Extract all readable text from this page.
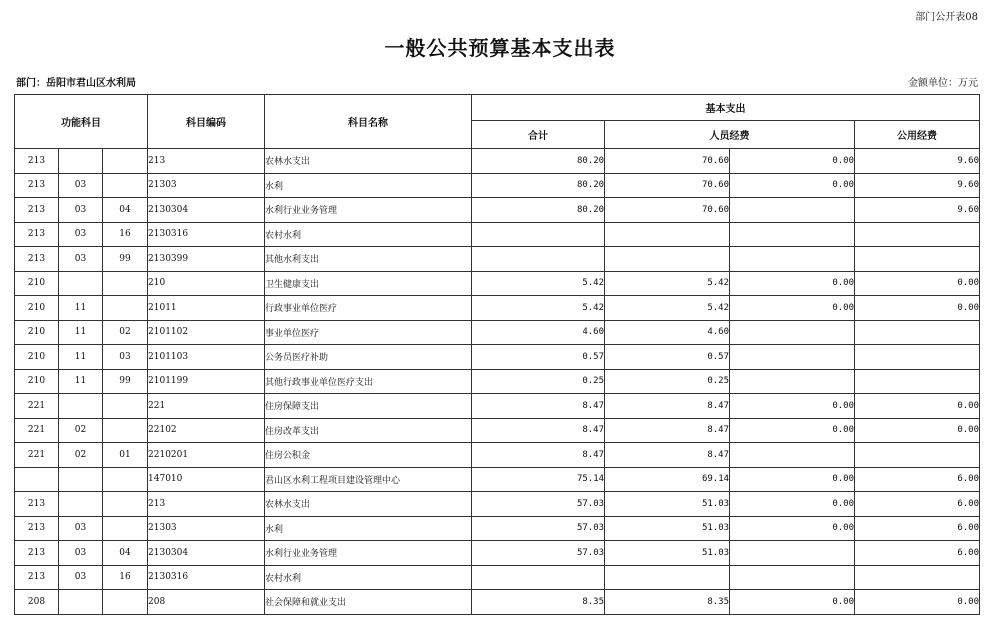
部门公开表08
一般公共预算基本支出表
部门：岳阳市君山区水利局	金额单位：万元
功能科目			科目编码	科目名称	基本支出			
					合计	人员经费		公用经费
213			213	农林水支出	80.20	70.60	0.00	9.60
213	03		21303	水利	80.20	70.60	0.00	9.60
213	03	04	2130304	水利行业业务管理	80.20	70.60		9.60
213	03	16	2130316	农村水利				
213	03	99	2130399	其他水利支出				
210			210	卫生健康支出	5.42	5.42	0.00	0.00
210	11		21011	行政事业单位医疗	5.42	5.42	0.00	0.00
210	11	02	2101102	事业单位医疗	4.60	4.60		
210	11	03	2101103	公务员医疗补助	0.57	0.57		
210	11	99	2101199	其他行政事业单位医疗支出	0.25	0.25		
221			221	住房保障支出	8.47	8.47	0.00	0.00
221	02		22102	住房改革支出	8.47	8.47	0.00	0.00
221	02	01	2210201	住房公积金	8.47	8.47		
			147010	君山区水利工程项目建设管理中心	75.14	69.14	0.00	6.00
213			213	农林水支出	57.03	51.03	0.00	6.00
213	03		21303	水利	57.03	51.03	0.00	6.00
213	03	04	2130304	水利行业业务管理	57.03	51.03		6.00
213	03	16	2130316	农村水利				
208			208	社会保障和就业支出	8.35	8.35	0.00	0.00
